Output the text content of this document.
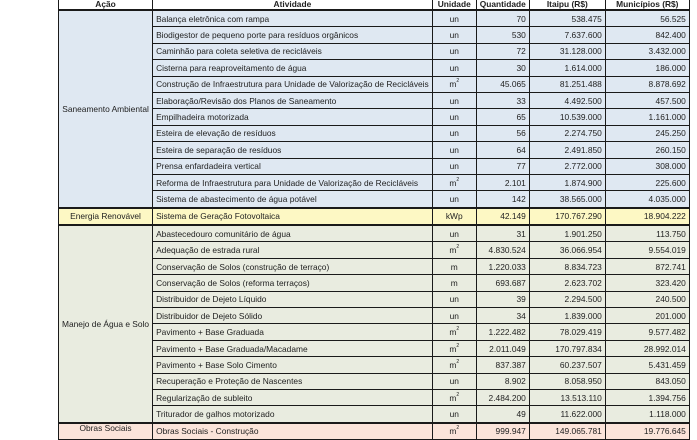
Ação	Atividade	Unidade	Quantidade	Itaipu (R$)	Municípios (R$)
Saneamento Ambiental	Balança eletrônica com rampa	un	70	538.475	56.525
	Biodigestor de pequeno porte para resíduos orgânicos	un	530	7.637.600	842.400
	Caminhão para coleta seletiva de recicláveis	un	72	31.128.000	3.432.000
	Cisterna para reaproveitamento de água	un	30	1.614.000	186.000
	Construção de Infraestrutura para Unidade de Valorização de Recicláveis	$m^2$	45.065	81.251.488	8.878.692
	Elaboração/Revisão dos Planos de Saneamento	un	33	4.492.500	457.500
	Empilhadeira motorizada	un	65	10.539.000	1.161.000
	Esteira de elevação de resíduos	un	56	2.274.750	245.250
	Esteira de separação de resíduos	un	64	2.491.850	260.150
	Prensa enfardadeira vertical	un	77	2.772.000	308.000
	Reforma de Infraestrutura para Unidade de Valorização de Recicláveis	$m^2$	2.101	1.874.900	225.600
	Sistema de abastecimento de água potável	un	142	38.565.000	4.035.000
Energia Renovável	Sistema de Geração Fotovoltaica	kWp	42.149	170.767.290	18.904.222
Manejo de Água e Solo	Abastecedouro comunitário de água	un	31	1.901.250	113.750
	Adequação de estrada rural	$m^2$	4.830.524	36.066.954	9.554.019
	Conservação de Solos (construção de terraço)	m	1.220.033	8.834.723	872.741
	Conservação de Solos (reforma terraços)	m	693.687	2.623.702	323.420
	Distribuidor de Dejeto Líquido	un	39	2.294.500	240.500
	Distribuidor de Dejeto Sólido	un	34	1.839.000	201.000
	Pavimento + Base Graduada	$m^2$	1.222.482	78.029.419	9.577.482
	Pavimento + Base Graduada/Macadame	$m^2$	2.011.049	170.797.834	28.992.014
	Pavimento + Base Solo Cimento	$m^2$	837.387	60.237.507	5.431.459
	Recuperação e Proteção de Nascentes	un	8.902	8.058.950	843.050
	Regularização de subleito	$m^2$	2.484.200	13.513.110	1.394.756
	Triturador de galhos motorizado	un	49	11.622.000	1.118.000
Obras Sociais	Obras Sociais - Construção	$m^2$	999.947	149.065.781	19.776.645
